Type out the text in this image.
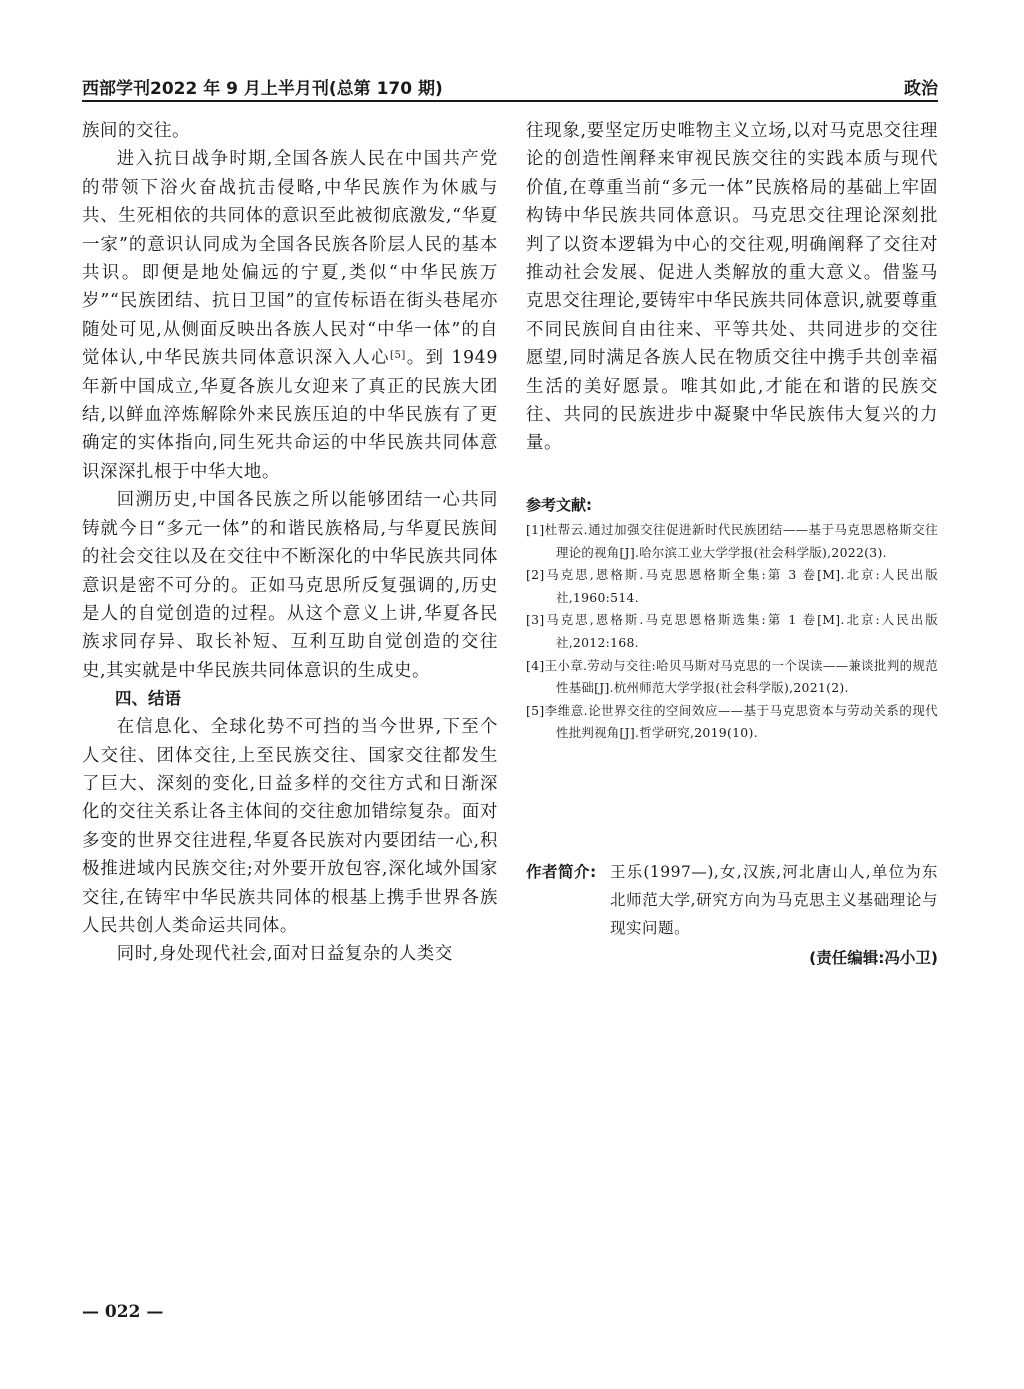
西部学刊2022 年 9 月上半月刊(总第 170 期)	政治

族间的交往。

进入抗日战争时期,全国各族人民在中国共产党的带领下浴火奋战抗击侵略,中华民族作为休戚与共、生死相依的共同体的意识至此被彻底激发,“华夏一家”的意识认同成为全国各民族各阶层人民的基本共识。即便是地处偏远的宁夏,类似“中华民族万岁”“民族团结、抗日卫国”的宣传标语在街头巷尾亦随处可见,从侧面反映出各族人民对“中华一体”的自觉体认,中华民族共同体意识深入人心[5]。到 1949 年新中国成立,华夏各族儿女迎来了真正的民族大团结,以鲜血淬炼解除外来民族压迫的中华民族有了更确定的实体指向,同生死共命运的中华民族共同体意识深深扎根于中华大地。

回溯历史,中国各民族之所以能够团结一心共同铸就今日“多元一体”的和谐民族格局,与华夏民族间的社会交往以及在交往中不断深化的中华民族共同体意识是密不可分的。正如马克思所反复强调的,历史是人的自觉创造的过程。从这个意义上讲,华夏各民族求同存异、取长补短、互利互助自觉创造的交往史,其实就是中华民族共同体意识的生成史。

四、结语

在信息化、全球化势不可挡的当今世界,下至个人交往、团体交往,上至民族交往、国家交往都发生了巨大、深刻的变化,日益多样的交往方式和日渐深化的交往关系让各主体间的交往愈加错综复杂。面对多变的世界交往进程,华夏各民族对内要团结一心,积极推进域内民族交往;对外要开放包容,深化域外国家交往,在铸牢中华民族共同体的根基上携手世界各族人民共创人类命运共同体。

同时,身处现代社会,面对日益复杂的人类交

往现象,要坚定历史唯物主义立场,以对马克思交往理论的创造性阐释来审视民族交往的实践本质与现代价值,在尊重当前“多元一体”民族格局的基础上牢固构铸中华民族共同体意识。马克思交往理论深刻批判了以资本逻辑为中心的交往观,明确阐释了交往对推动社会发展、促进人类解放的重大意义。借鉴马克思交往理论,要铸牢中华民族共同体意识,就要尊重不同民族间自由往来、平等共处、共同进步的交往愿望,同时满足各族人民在物质交往中携手共创幸福生活的美好愿景。唯其如此,才能在和谐的民族交往、共同的民族进步中凝聚中华民族伟大复兴的力量。

参考文献:
[1]杜帮云.通过加强交往促进新时代民族团结——基于马克思恩格斯交往理论的视角[J].哈尔滨工业大学学报(社会科学版),2022(3).
[2]马克思,恩格斯.马克思恩格斯全集:第 3 卷[M].北京:人民出版社,1960:514.
[3]马克思,恩格斯.马克思恩格斯选集:第 1 卷[M].北京:人民出版社,2012:168.
[4]王小章.劳动与交往:哈贝马斯对马克思的一个误读——兼谈批判的规范性基础[J].杭州师范大学学报(社会科学版),2021(2).
[5]李维意.论世界交往的空间效应——基于马克思资本与劳动关系的现代性批判视角[J].哲学研究,2019(10).
作者简介: 王乐(1997—),女,汉族,河北唐山人,单位为东北师范大学,研究方向为马克思主义基础理论与现实问题。
(责任编辑:冯小卫)
— 022 —
